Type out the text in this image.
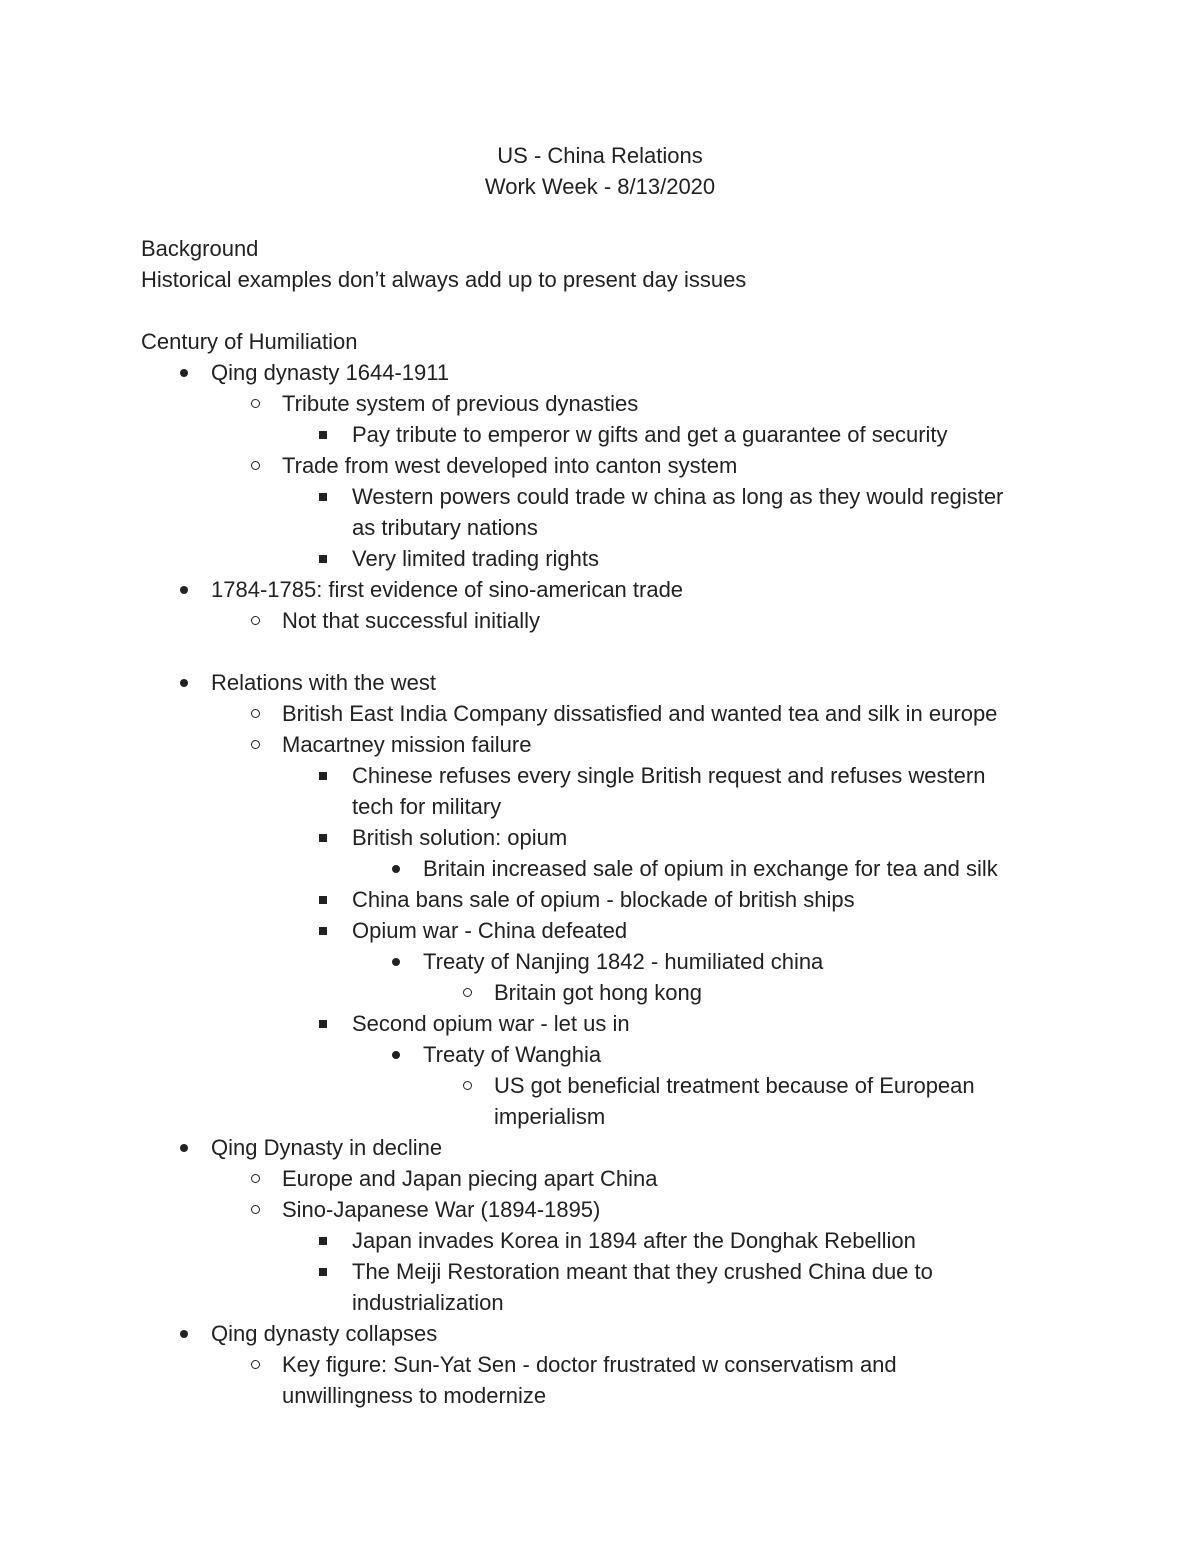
US - China Relations
Work Week - 8/13/2020
Background
Historical examples don’t always add up to present day issues
Century of Humiliation
Qing dynasty 1644-1911
Tribute system of previous dynasties
Pay tribute to emperor w gifts and get a guarantee of security
Trade from west developed into canton system
Western powers could trade w china as long as they would register
as tributary nations
Very limited trading rights
1784-1785: first evidence of sino-american trade
Not that successful initially
Relations with the west
British East India Company dissatisfied and wanted tea and silk in europe
Macartney mission failure
Chinese refuses every single British request and refuses western
tech for military
British solution: opium
Britain increased sale of opium in exchange for tea and silk
China bans sale of opium - blockade of british ships
Opium war - China defeated
Treaty of Nanjing 1842 - humiliated china
Britain got hong kong
Second opium war - let us in
Treaty of Wanghia
US got beneficial treatment because of European
imperialism
Qing Dynasty in decline
Europe and Japan piecing apart China
Sino-Japanese War (1894-1895)
Japan invades Korea in 1894 after the Donghak Rebellion
The Meiji Restoration meant that they crushed China due to
industrialization
Qing dynasty collapses
Key figure: Sun-Yat Sen - doctor frustrated w conservatism and
unwillingness to modernize
